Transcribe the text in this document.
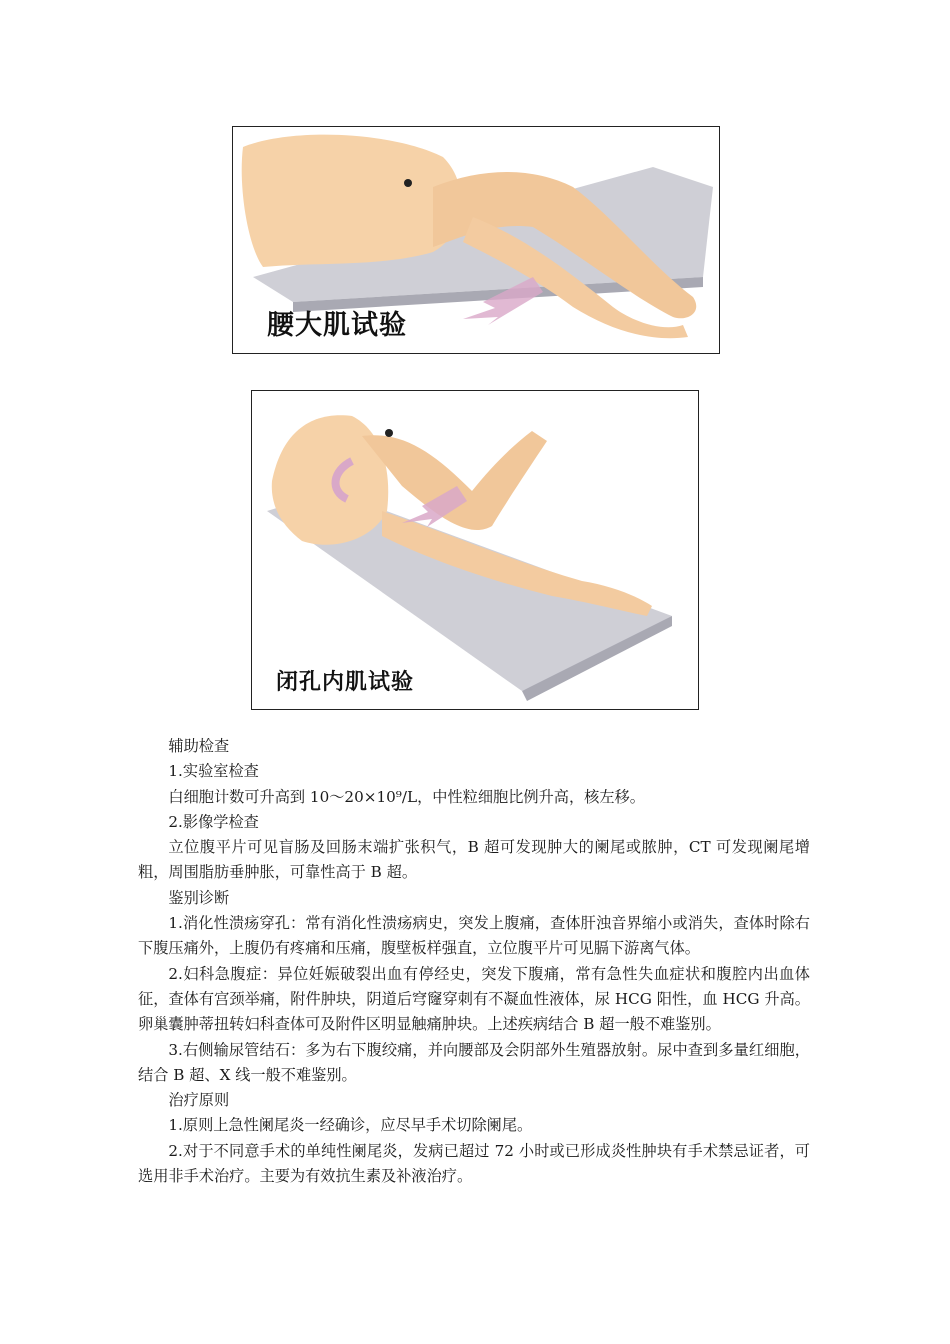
腰大肌试验
闭孔内肌试验

辅助检查

1.实验室检查

白细胞计数可升高到 10～20×10⁹/L，中性粒细胞比例升高，核左移。

2.影像学检查

立位腹平片可见盲肠及回肠末端扩张积气，B 超可发现肿大的阑尾或脓肿，CT 可发现阑尾增粗，周围脂肪垂肿胀，可靠性高于 B 超。

鉴别诊断

1.消化性溃疡穿孔：常有消化性溃疡病史，突发上腹痛，查体肝浊音界缩小或消失，查体时除右下腹压痛外，上腹仍有疼痛和压痛，腹壁板样强直，立位腹平片可见膈下游离气体。

2.妇科急腹症：异位妊娠破裂出血有停经史，突发下腹痛，常有急性失血症状和腹腔内出血体征，查体有宫颈举痛，附件肿块，阴道后穹窿穿刺有不凝血性液体，尿 HCG 阳性，血 HCG 升高。卵巢囊肿蒂扭转妇科查体可及附件区明显触痛肿块。上述疾病结合 B 超一般不难鉴别。

3.右侧输尿管结石：多为右下腹绞痛，并向腰部及会阴部外生殖器放射。尿中查到多量红细胞，结合 B 超、X 线一般不难鉴别。

治疗原则

1.原则上急性阑尾炎一经确诊，应尽早手术切除阑尾。

2.对于不同意手术的单纯性阑尾炎，发病已超过 72 小时或已形成炎性肿块有手术禁忌证者，可选用非手术治疗。主要为有效抗生素及补液治疗。
